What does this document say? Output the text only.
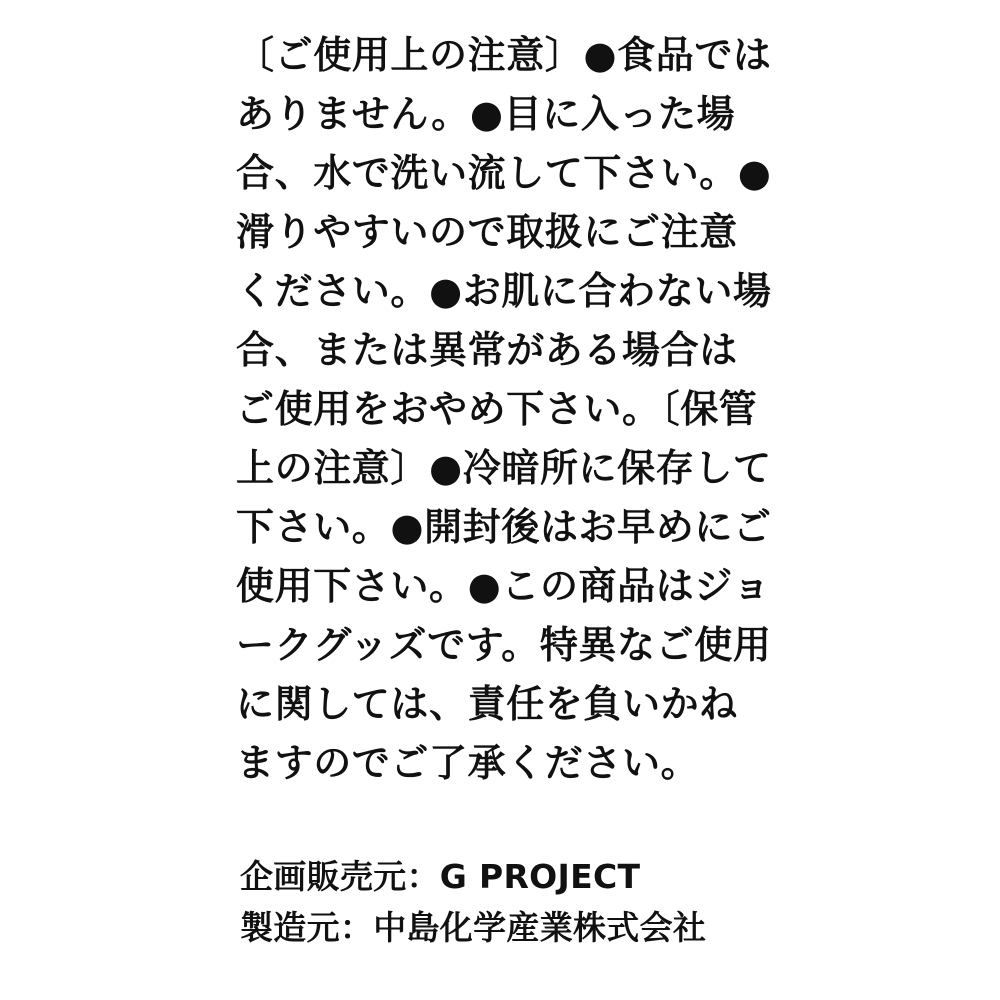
〔ご使用上の注意〕●食品ではありません。●目に入った場合、水で洗い流して下さい。●滑りやすいので取扱にご注意ください。●お肌に合わない場合、または異常がある場合はご使用をおやめ下さい。〔保管上の注意〕●冷暗所に保存して下さい。●開封後はお早めにご使用下さい。●この商品はジョークグッズです。特異なご使用に関しては、責任を負いかねますのでご了承ください。
企画販売元：G PROJECT
製造元：中島化学産業株式会社
